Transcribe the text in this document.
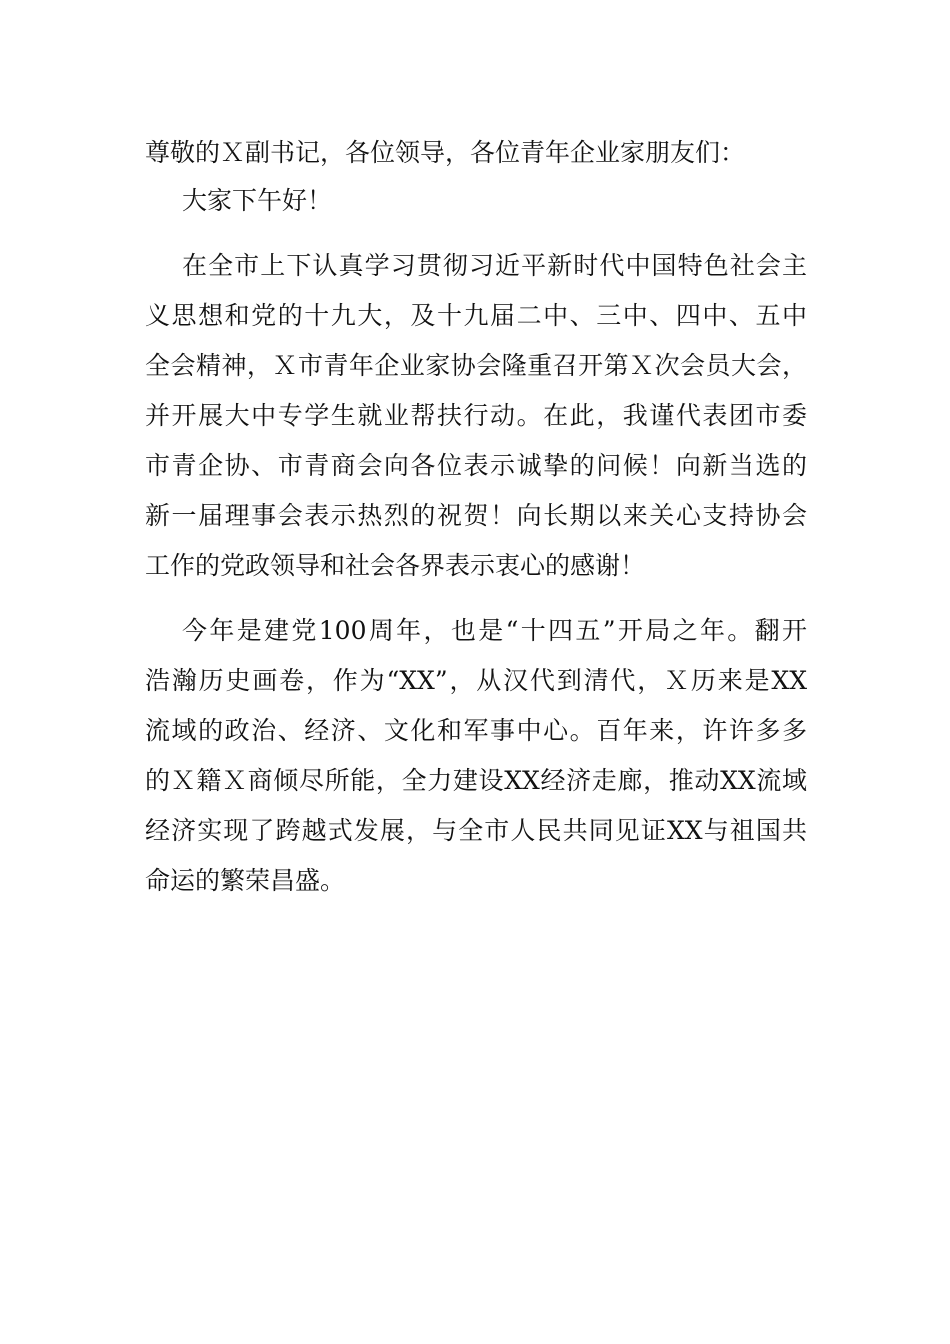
尊敬的Ｘ副书记，各位领导，各位青年企业家朋友们：
大家下午好！
在全市上下认真学习贯彻习近平新时代中国特色社会主
义思想和党的十九大，及十九届二中、三中、四中、五中
全会精神，Ｘ市青年企业家协会隆重召开第Ｘ次会员大会，
并开展大中专学生就业帮扶行动。在此，我谨代表团市委
市青企协、市青商会向各位表示诚挚的问候！向新当选的
新一届理事会表示热烈的祝贺！向长期以来关心支持协会
工作的党政领导和社会各界表示衷心的感谢！
今年是建党100周年，也是“十四五”开局之年。翻开
浩瀚历史画卷，作为“XX”，从汉代到清代，Ｘ历来是XX
流域的政治、经济、文化和军事中心。百年来，许许多多
的Ｘ籍Ｘ商倾尽所能，全力建设XX经济走廊，推动XX流域
经济实现了跨越式发展，与全市人民共同见证XX与祖国共
命运的繁荣昌盛。
